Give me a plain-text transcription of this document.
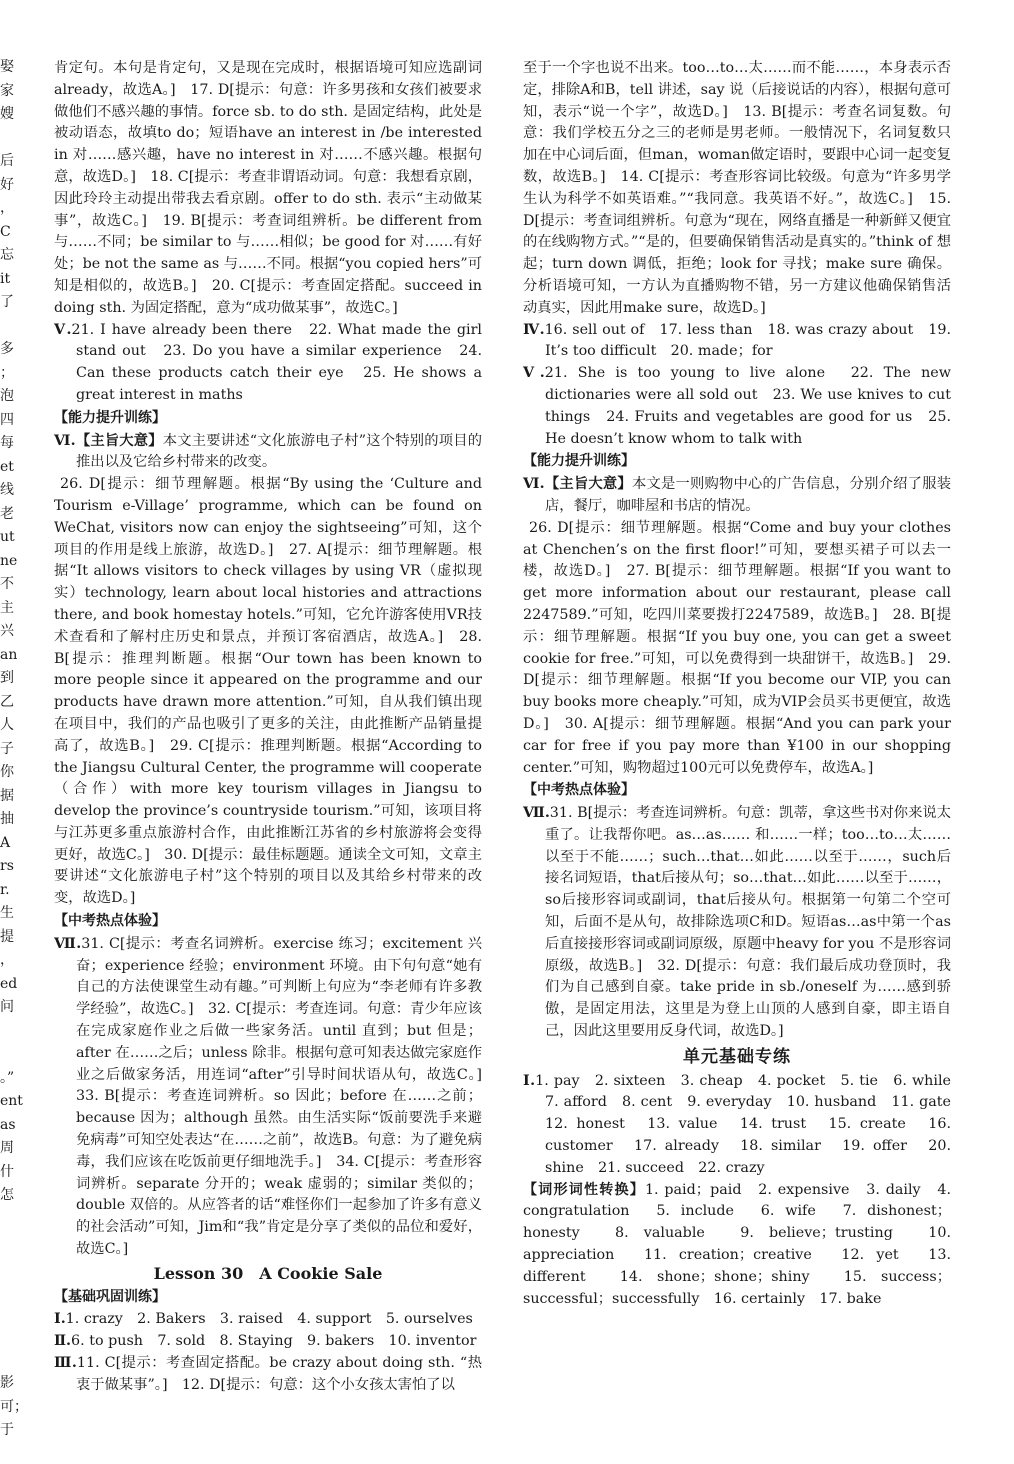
娶
家
嫂
后
好
，
C
忘
it
了
多
；
泡
四
每
et
线
老
ut
ne
不
主
兴
an
到
乙
人
子
你
据
抽
A
rs
r.
生
提
，
ed
问
。”
ent
as
周
什
怎
影
可；
于

肯定句。本句是肯定句，又是现在完成时，根据语境可知应选副词already，故选A。]　17. D[提示：句意：许多男孩和女孩们被要求做他们不感兴趣的事情。force sb. to do sth. 是固定结构，此处是被动语态，故填to do；短语have an interest in /be interested in 对……感兴趣，have no interest in 对……不感兴趣。根据句意，故选D。]　18. C[提示：考查非谓语动词。句意：我想看京剧，因此玲玲主动提出带我去看京剧。offer to do sth. 表示“主动做某事”，故选C。]　19. B[提示：考查词组辨析。be different from 与……不同；be similar to 与……相似；be good for 对……有好处；be not the same as 与……不同。根据“you copied hers”可知是相似的，故选B。]　20. C[提示：考查固定搭配。succeed in doing sth. 为固定搭配，意为“成功做某事”，故选C。]

Ⅴ.21. I have already been there　22. What made the girl stand out　23. Do you have a similar experience　24. Can these products catch their eye　25. He shows a great interest in maths

【能力提升训练】

Ⅵ.【主旨大意】本文主要讲述“文化旅游电子村”这个特别的项目的推出以及它给乡村带来的改变。

26. D[提示：细节理解题。根据“By using the ‘Culture and Tourism e-Village’ programme, which can be found on WeChat, visitors now can enjoy the sightseeing”可知，这个项目的作用是线上旅游，故选D。]　27. A[提示：细节理解题。根据“It allows visitors to check villages by using VR（虚拟现实）technology, learn about local histories and attractions there, and book homestay hotels.”可知，它允许游客使用VR技术查看和了解村庄历史和景点，并预订客宿酒店，故选A。]　28. B[提示：推理判断题。根据“Our town has been known to more people since it appeared on the programme and our products have drawn more attention.”可知，自从我们镇出现在项目中，我们的产品也吸引了更多的关注，由此推断产品销量提高了，故选B。]　29. C[提示：推理判断题。根据“According to the Jiangsu Cultural Center, the programme will cooperate（合作）with more key tourism villages in Jiangsu to develop the province’s countryside tourism.”可知，该项目将与江苏更多重点旅游村合作，由此推断江苏省的乡村旅游将会变得更好，故选C。]　30. D[提示：最佳标题题。通读全文可知，文章主要讲述“文化旅游电子村”这个特别的项目以及其给乡村带来的改变，故选D。]

【中考热点体验】

Ⅶ.31. C[提示：考查名词辨析。exercise 练习；excitement 兴奋；experience 经验；environment 环境。由下句句意“她有自己的方法使课堂生动有趣。”可判断上句应为“李老师有许多教学经验”，故选C。]　32. C[提示：考查连词。句意：青少年应该在完成家庭作业之后做一些家务活。until 直到；but 但是；after 在……之后；unless 除非。根据句意可知表达做完家庭作业之后做家务活，用连词“after”引导时间状语从句，故选C。]　33. B[提示：考查连词辨析。so 因此；before 在……之前；because 因为；although 虽然。由生活实际“饭前要洗手来避免病毒”可知空处表达“在……之前”，故选B。句意：为了避免病毒，我们应该在吃饭前更仔细地洗手。]　34. C[提示：考查形容词辨析。separate 分开的；weak 虚弱的；similar 类似的；double 双倍的。从应答者的话“难怪你们一起参加了许多有意义的社会活动”可知，Jim和“我”肯定是分享了类似的品位和爱好，故选C。]

Lesson 30　A Cookie Sale
【基础巩固训练】

Ⅰ.1. crazy　2. Bakers　3. raised　4. support　5. ourselves

Ⅱ.6. to push　7. sold　8. Staying　9. bakers　10. inventor

Ⅲ.11. C[提示：考查固定搭配。be crazy about doing sth. “热衷于做某事”。]　12. D[提示：句意：这个小女孩太害怕了以

至于一个字也说不出来。too…to…太……而不能……，本身表示否定，排除A和B，tell 讲述，say 说（后接说话的内容），根据句意可知，表示“说一个字”，故选D。]　13. B[提示：考查名词复数。句意：我们学校五分之三的老师是男老师。一般情况下，名词复数只加在中心词后面，但man，woman做定语时，要跟中心词一起变复数，故选B。]　14. C[提示：考查形容词比较级。句意为“许多男学生认为科学不如英语难。”“我同意。我英语不好。”，故选C。]　15. D[提示：考查词组辨析。句意为“现在，网络直播是一种新鲜又便宜的在线购物方式。”“是的，但要确保销售活动是真实的。”think of 想起；turn down 调低，拒绝；look for 寻找；make sure 确保。分析语境可知，一方认为直播购物不错，另一方建议他确保销售活动真实，因此用make sure，故选D。]

Ⅳ.16. sell out of　17. less than　18. was crazy about　19. It’s too difficult　20. made；for

Ⅴ.21. She is too young to live alone　22. The new dictionaries were all sold out　23. We use knives to cut things　24. Fruits and vegetables are good for us　25. He doesn’t know whom to talk with

【能力提升训练】

Ⅵ.【主旨大意】本文是一则购物中心的广告信息，分别介绍了服装店，餐厅，咖啡屋和书店的情况。

26. D[提示：细节理解题。根据“Come and buy your clothes at Chenchen’s on the first floor!”可知，要想买裙子可以去一楼，故选D。]　27. B[提示：细节理解题。根据“If you want to get more information about our restaurant, please call 2247589.”可知，吃四川菜要拨打2247589，故选B。]　28. B[提示：细节理解题。根据“If you buy one, you can get a sweet cookie for free.”可知，可以免费得到一块甜饼干，故选B。]　29. D[提示：细节理解题。根据“If you become our VIP, you can buy books more cheaply.”可知，成为VIP会员买书更便宜，故选D。]　30. A[提示：细节理解题。根据“And you can park your car for free if you pay more than ¥100 in our shopping center.”可知，购物超过100元可以免费停车，故选A。]

【中考热点体验】

Ⅶ.31. B[提示：考查连词辨析。句意：凯蒂，拿这些书对你来说太重了。让我帮你吧。as…as…… 和……一样；too…to…太……以至于不能……；such…that…如此……以至于……，such后接名词短语，that后接从句；so…that…如此……以至于……，so后接形容词或副词，that后接从句。根据第一句第二个空可知，后面不是从句，故排除选项C和D。短语as…as中第一个as后直接接形容词或副词原级，原题中heavy for you 不是形容词原级，故选B。]　32. D[提示：句意：我们最后成功登顶时，我们为自己感到自豪。take pride in sb./oneself 为……感到骄傲，是固定用法，这里是为登上山顶的人感到自豪，即主语自己，因此这里要用反身代词，故选D。]

单元基础专练

Ⅰ.1. pay　2. sixteen　3. cheap　4. pocket　5. tie　6. while　7. afford　8. cent　9. everyday　10. husband　11. gate　12. honest　13. value　14. trust　15. create　16. customer　17. already　18. similar　19. offer　20. shine　21. succeed　22. crazy

【词形词性转换】1. paid；paid　2. expensive　3. daily　4. congratulation　5. include　6. wife　7. dishonest；honesty　8. valuable　9. believe；trusting　10. appreciation　11. creation；creative　12. yet　13. different　14. shone；shone；shiny　15. success；successful；successfully　16. certainly　17. bake
